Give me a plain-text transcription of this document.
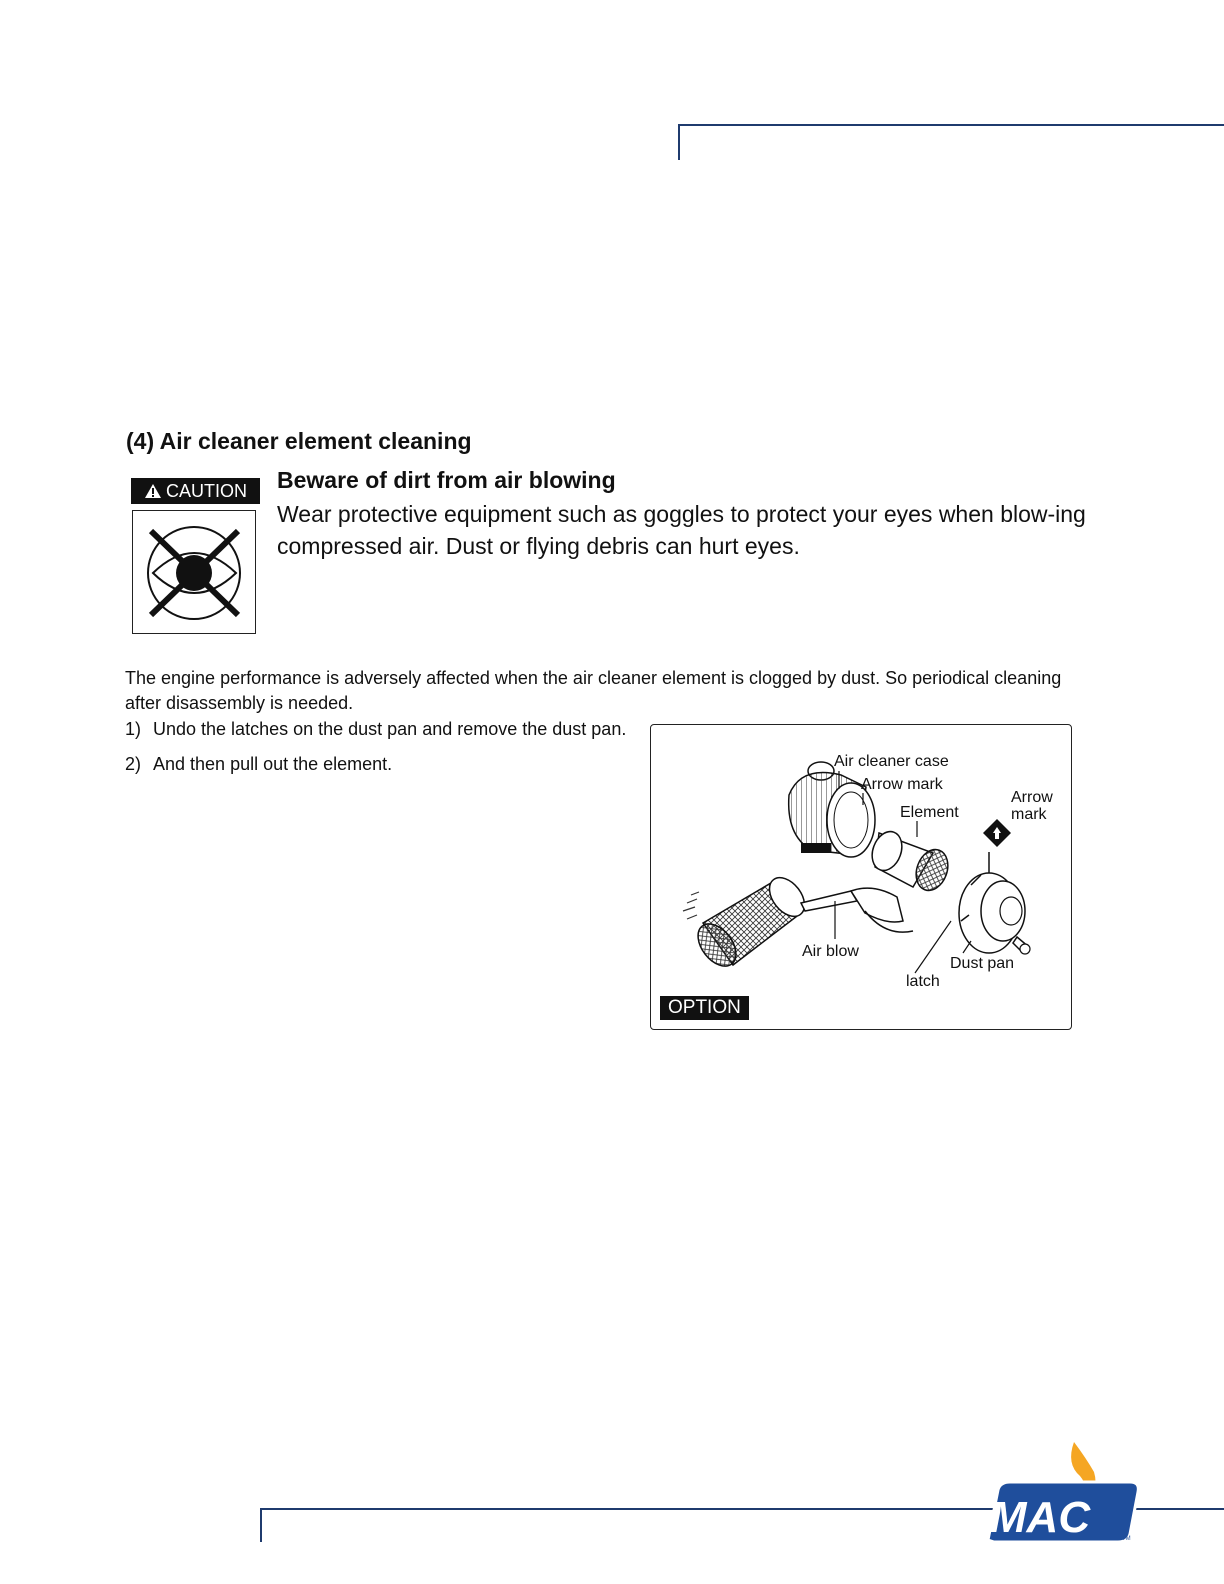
(4) Air cleaner element cleaning
CAUTION	Beware of dirt from air blowing
Wear protective equipment such as goggles to protect your eyes when blow-ing compressed air. Dust or flying debris can hurt eyes.
The engine performance is adversely affected when the air cleaner element is clogged by dust. So periodical cleaning after disassembly is needed.
1) Undo the latches on the dust pan and remove the dust pan.
2) And then pull out the element.	Air cleaner case
Arrow mark
Element
Arrow
mark
Air blow
Dust pan
latch
OPTION
MAC	TM
